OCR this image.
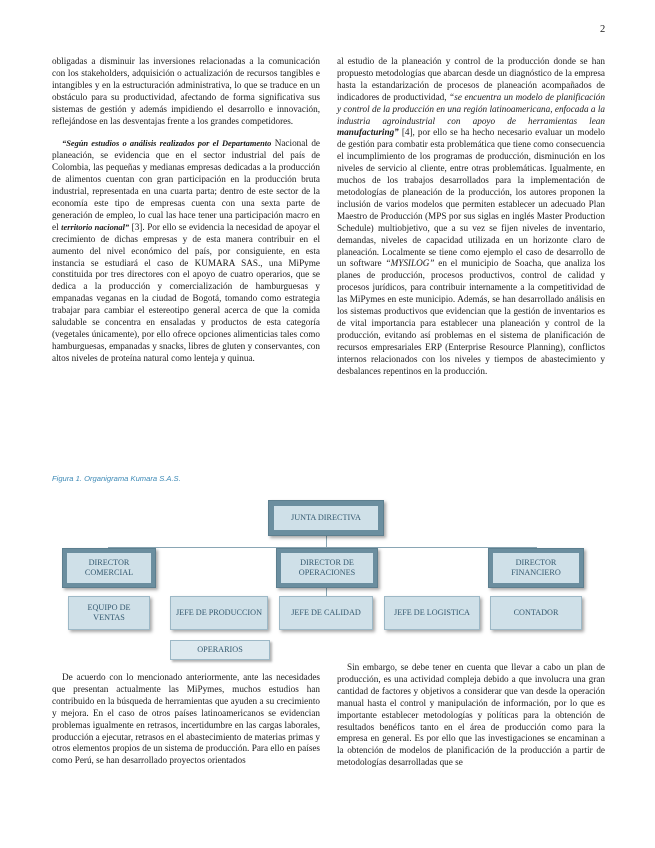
2

obligadas a disminuir las inversiones relacionadas a la comunicación con los stakeholders, adquisición o actualización de recursos tangibles e intangibles y en la estructuración administrativa, lo que se traduce en un obstáculo para su productividad, afectando de forma significativa sus sistemas de gestión y además impidiendo el desarrollo e innovación, reflejándose en las desventajas frente a los grandes competidores.

“Según estudios o análisis realizados por el Departamento Nacional de planeación, se evidencia que en el sector industrial del país de Colombia, las pequeñas y medianas empresas dedicadas a la producción de alimentos cuentan con gran participación en la producción bruta industrial, representada en una cuarta parta; dentro de este sector de la economía este tipo de empresas cuenta con una sexta parte de generación de empleo, lo cual las hace tener una participación macro en el territorio nacional” [3]. Por ello se evidencia la necesidad de apoyar el crecimiento de dichas empresas y de esta manera contribuir en el aumento del nivel económico del país, por consiguiente, en esta instancia se estudiará el caso de KUMARA SAS., una MiPyme constituida por tres directores con el apoyo de cuatro operarios, que se dedica a la producción y comercialización de hamburguesas y empanadas veganas en la ciudad de Bogotá, tomando como estrategia trabajar para cambiar el estereotipo general acerca de que la comida saludable se concentra en ensaladas y productos de esta categoría (vegetales únicamente), por ello ofrece opciones alimenticias tales como hamburguesas, empanadas y snacks, libres de gluten y conservantes, con altos niveles de proteína natural como lenteja y quinua.

al estudio de la planeación y control de la producción donde se han propuesto metodologías que abarcan desde un diagnóstico de la empresa hasta la estandarización de procesos de planeación acompañados de indicadores de productividad, “se encuentra un modelo de planificación y control de la producción en una región latinoamericana, enfocada a la industria agroindustrial con apoyo de herramientas lean manufacturing” [4], por ello se ha hecho necesario evaluar un modelo de gestión para combatir esta problemática que tiene como consecuencia el incumplimiento de los programas de producción, disminución en los niveles de servicio al cliente, entre otras problemáticas. Igualmente, en muchos de los trabajos desarrollados para la implementación de metodologías de planeación de la producción, los autores proponen la inclusión de varios modelos que permiten establecer un adecuado Plan Maestro de Producción (MPS por sus siglas en inglés Master Production Schedule) multiobjetivo, que a su vez se fijen niveles de inventario, demandas, niveles de capacidad utilizada en un horizonte claro de planeación. Localmente se tiene como ejemplo el caso de desarrollo de un software “MYSILOG” en el municipio de Soacha, que analiza los planes de producción, procesos productivos, control de calidad y procesos jurídicos, para contribuir internamente a la competitividad de las MiPymes en este municipio. Además, se han desarrollado análisis en los sistemas productivos que evidencian que la gestión de inventarios es de vital importancia para establecer una planeación y control de la producción, evitando así problemas en el sistema de planificación de recursos empresariales ERP (Enterprise Resource Planning), conflictos internos relacionados con los niveles y tiempos de abastecimiento y desbalances repentinos en la producción.

Figura 1. Organigrama Kumara S.A.S.
JUNTA DIRECTIVA
DIRECTOR COMERCIAL
DIRECTOR DE OPERACIONES
DIRECTOR FINANCIERO
EQUIPO DE VENTAS
JEFE DE PRODUCCION	JEFE DE CALIDAD	JEFE DE LOGISTICA	CONTADOR
OPERARIOS

De acuerdo con lo mencionado anteriormente, ante las necesidades que presentan actualmente las MiPymes, muchos estudios han contribuido en la búsqueda de herramientas que ayuden a su crecimiento y mejora. En el caso de otros países latinoamericanos se evidencian problemas igualmente en retrasos, incertidumbre en las cargas laborales, producción a ejecutar, retrasos en el abastecimiento de materias primas y otros elementos propios de un sistema de producción. Para ello en países como Perú, se han desarrollado proyectos orientados

Sin embargo, se debe tener en cuenta que llevar a cabo un plan de producción, es una actividad compleja debido a que involucra una gran cantidad de factores y objetivos a considerar que van desde la operación manual hasta el control y manipulación de información, por lo que es importante establecer metodologías y políticas para la obtención de resultados benéficos tanto en el área de producción como para la empresa en general. Es por ello que las investigaciones se encaminan a la obtención de modelos de planificación de la producción a partir de metodologías desarrolladas que se
